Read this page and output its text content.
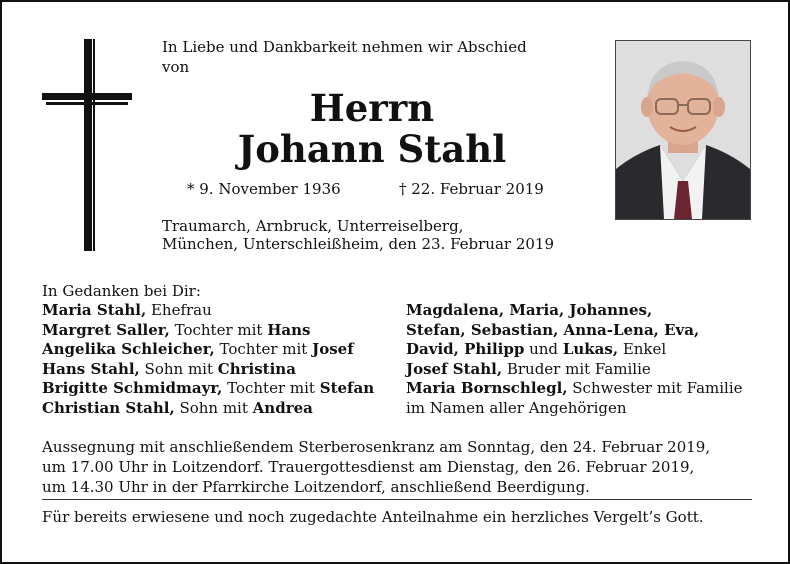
In Liebe und Dankbarkeit nehmen wir Abschied
von
Herrn
Johann Stahl
* 9. November 1936	† 22. Februar 2019
Traumarch, Arnbruck, Unterreiselberg,
München, Unterschleißheim, den 23. Februar 2019
In Gedanken bei Dir:
Maria Stahl, Ehefrau
Margret Saller, Tochter mit Hans
Angelika Schleicher, Tochter mit Josef
Hans Stahl, Sohn mit Christina
Brigitte Schmidmayr, Tochter mit Stefan
Christian Stahl, Sohn mit Andrea
Magdalena, Maria, Johannes,
Stefan, Sebastian, Anna-Lena, Eva,
David, Philipp und Lukas, Enkel
Josef Stahl, Bruder mit Familie
Maria Bornschlegl, Schwester mit Familie
im Namen aller Angehörigen
Aussegnung mit anschließendem Sterberosenkranz am Sonntag, den 24. Februar 2019,
um 17.00 Uhr in Loitzendorf. Trauergottesdienst am Dienstag, den 26. Februar 2019,
um 14.30 Uhr in der Pfarrkirche Loitzendorf, anschließend Beerdigung.
Für bereits erwiesene und noch zugedachte Anteilnahme ein herzliches Vergelt’s Gott.
